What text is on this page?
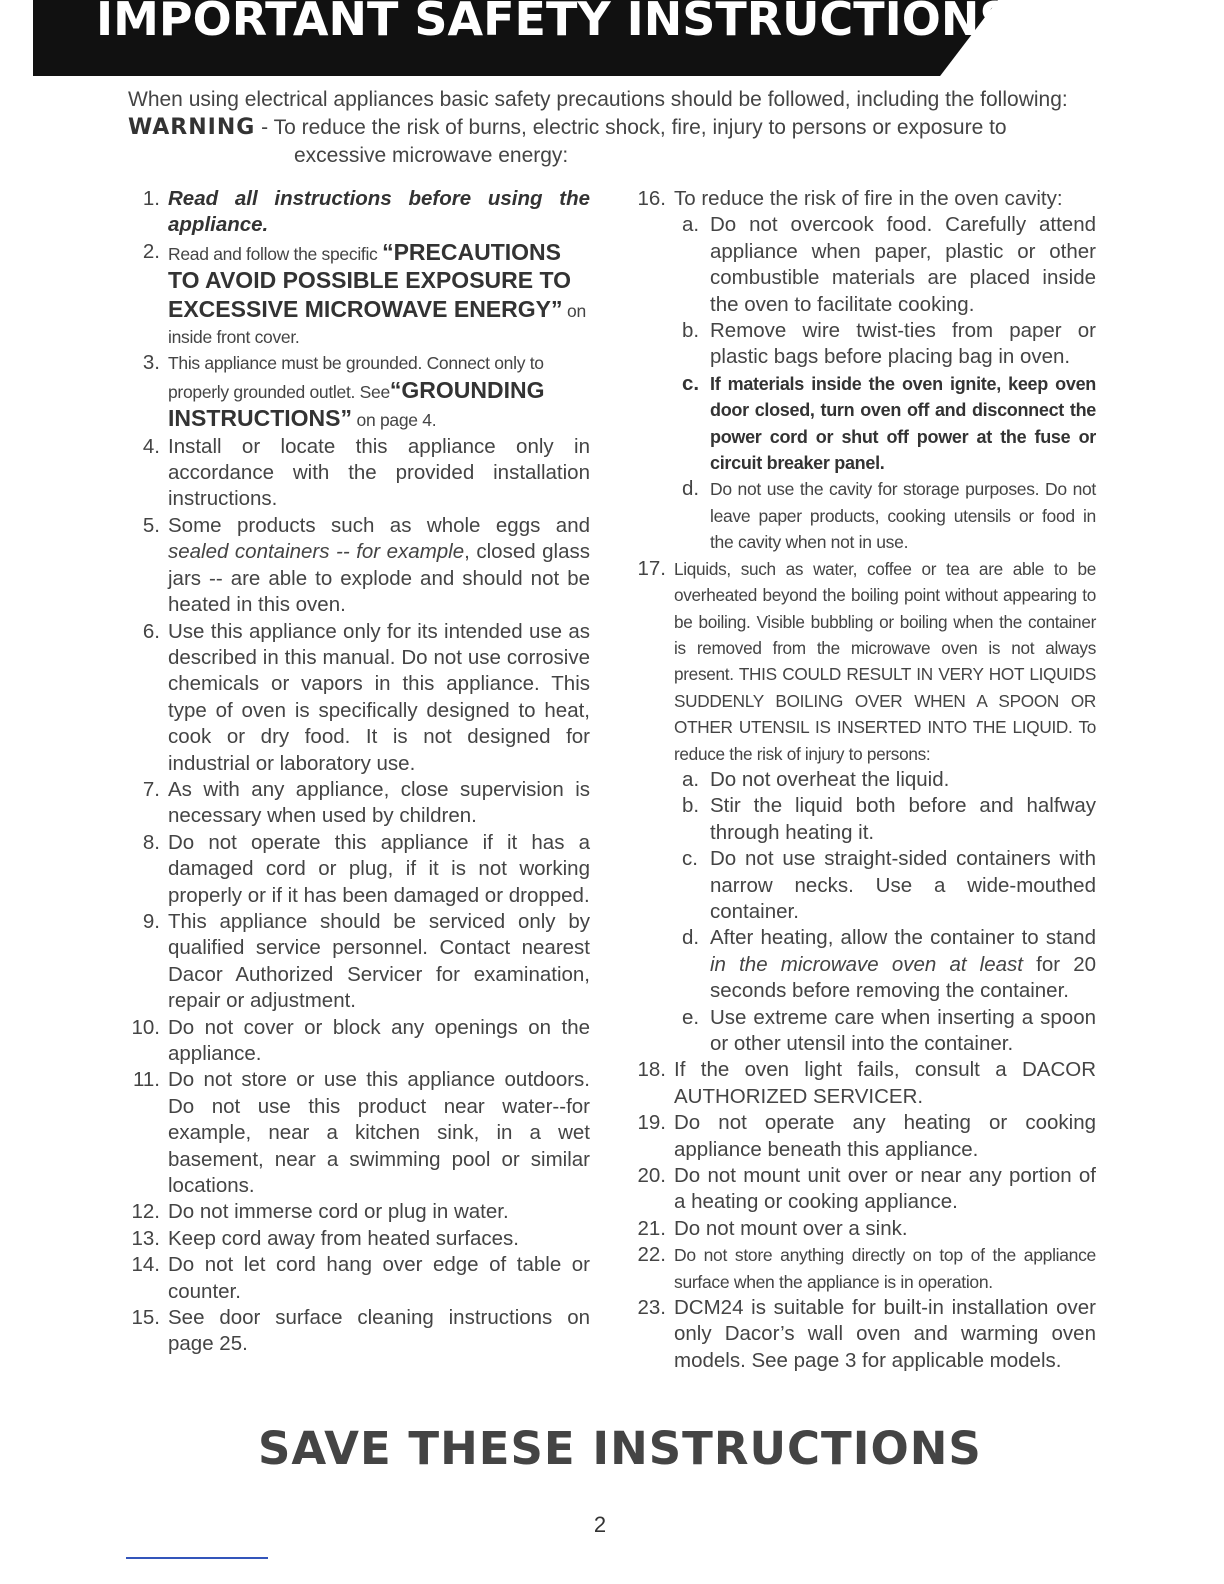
IMPORTANT SAFETY INSTRUCTIONS

When using electrical appliances basic safety precautions should be followed, including the following:

WARNING - To reduce the risk of burns, electric shock, fire, injury to persons or exposure to
excessive microwave energy:

1. Read all instructions before using the appliance.
2. Read and follow the specific “PRECAUTIONS TO AVOID POSSIBLE EXPOSURE TO EXCESSIVE MICROWAVE ENERGY” on inside front cover.
3. This appliance must be grounded. Connect only to properly grounded outlet. See“GROUNDING INSTRUCTIONS” on page 4.
4. Install or locate this appliance only in accordance with the provided installation instructions.
5. Some products such as whole eggs and sealed containers -- for example, closed glass jars -- are able to explode and should not be heated in this oven.
6. Use this appliance only for its intended use as described in this manual. Do not use corrosive chemicals or vapors in this appliance. This type of oven is specifically designed to heat, cook or dry food. It is not designed for industrial or laboratory use.
7. As with any appliance, close supervision is necessary when used by children.
8. Do not operate this appliance if it has a damaged cord or plug, if it is not working properly or if it has been damaged or dropped.
9. This appliance should be serviced only by qualified service personnel. Contact nearest Dacor Authorized Servicer for examination, repair or adjustment.
10. Do not cover or block any openings on the appliance.
11. Do not store or use this appliance outdoors. Do not use this product near water--for example, near a kitchen sink, in a wet basement, near a swimming pool or similar locations.
12. Do not immerse cord or plug in water.
13. Keep cord away from heated surfaces.
14. Do not let cord hang over edge of table or counter.
15. See door surface cleaning instructions on page 25.
16. To reduce the risk of fire in the oven cavity:
a. Do not overcook food. Carefully attend appliance when paper, plastic or other combustible materials are placed inside the oven to facilitate cooking.
b. Remove wire twist-ties from paper or plastic bags before placing bag in oven.
c. If materials inside the oven ignite, keep oven door closed, turn oven off and disconnect the power cord or shut off power at the fuse or circuit breaker panel.
d. Do not use the cavity for storage purposes. Do not leave paper products, cooking utensils or food in the cavity when not in use.
17. Liquids, such as water, coffee or tea are able to be overheated beyond the boiling point without appearing to be boiling. Visible bubbling or boiling when the container is removed from the microwave oven is not always present. THIS COULD RESULT IN VERY HOT LIQUIDS SUDDENLY BOILING OVER WHEN A SPOON OR OTHER UTENSIL IS INSERTED INTO THE LIQUID. To reduce the risk of injury to persons:
a. Do not overheat the liquid.
b. Stir the liquid both before and halfway through heating it.
c. Do not use straight-sided containers with narrow necks. Use a wide-mouthed container.
d. After heating, allow the container to stand in the microwave oven at least for 20 seconds before removing the container.
e. Use extreme care when inserting a spoon or other utensil into the container.
18. If the oven light fails, consult a DACOR AUTHORIZED SERVICER.
19. Do not operate any heating or cooking appliance beneath this appliance.
20. Do not mount unit over or near any portion of a heating or cooking appliance.
21. Do not mount over a sink.
22. Do not store anything directly on top of the appliance surface when the appliance is in operation.
23. DCM24 is suitable for built-in installation over only Dacor’s wall oven and warming oven models. See page 3 for applicable models.
SAVE THESE INSTRUCTIONS

2
